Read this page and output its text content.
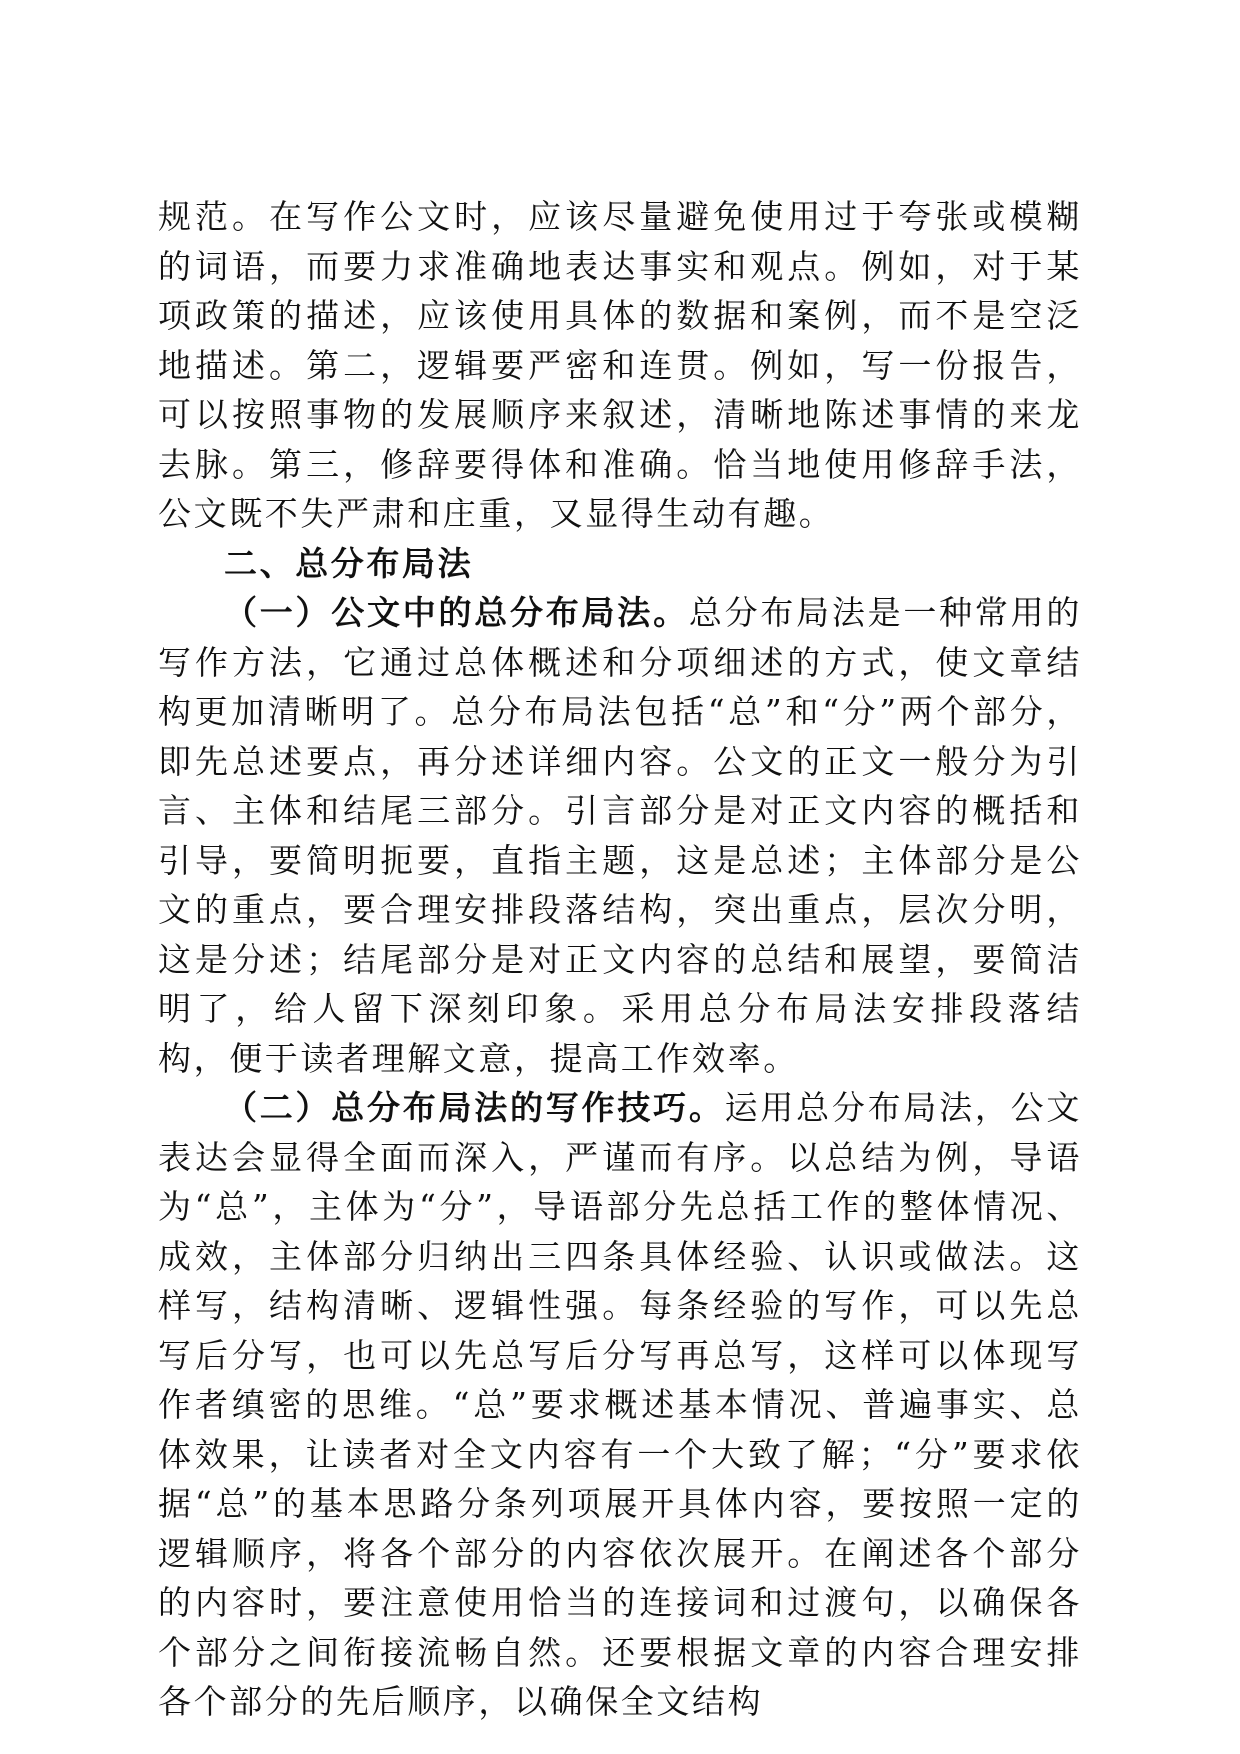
规范。在写作公文时，应该尽量避免使用过于夸张或模糊的词语，而要力求准确地表达事实和观点。例如，对于某项政策的描述，应该使用具体的数据和案例，而不是空泛地描述。第二，逻辑要严密和连贯。例如，写一份报告，可以按照事物的发展顺序来叙述，清晰地陈述事情的来龙去脉。第三，修辞要得体和准确。恰当地使用修辞手法，公文既不失严肃和庄重，又显得生动有趣。

二、总分布局法

（一）公文中的总分布局法。总分布局法是一种常用的写作方法，它通过总体概述和分项细述的方式，使文章结构更加清晰明了。总分布局法包括“总”和“分”两个部分，即先总述要点，再分述详细内容。公文的正文一般分为引言、主体和结尾三部分。引言部分是对正文内容的概括和引导，要简明扼要，直指主题，这是总述；主体部分是公文的重点，要合理安排段落结构，突出重点，层次分明，这是分述；结尾部分是对正文内容的总结和展望，要简洁明了，给人留下深刻印象。采用总分布局法安排段落结构，便于读者理解文意，提高工作效率。

（二）总分布局法的写作技巧。运用总分布局法，公文表达会显得全面而深入，严谨而有序。以总结为例，导语为“总”，主体为“分”，导语部分先总括工作的整体情况、成效，主体部分归纳出三四条具体经验、认识或做法。这样写，结构清晰、逻辑性强。每条经验的写作，可以先总写后分写，也可以先总写后分写再总写，这样可以体现写作者缜密的思维。“总”要求概述基本情况、普遍事实、总体效果，让读者对全文内容有一个大致了解；“分”要求依据“总”的基本思路分条列项展开具体内容，要按照一定的逻辑顺序，将各个部分的内容依次展开。在阐述各个部分的内容时，要注意使用恰当的连接词和过渡句，以确保各个部分之间衔接流畅自然。还要根据文章的内容合理安排各个部分的先后顺序，以确保全文结构
